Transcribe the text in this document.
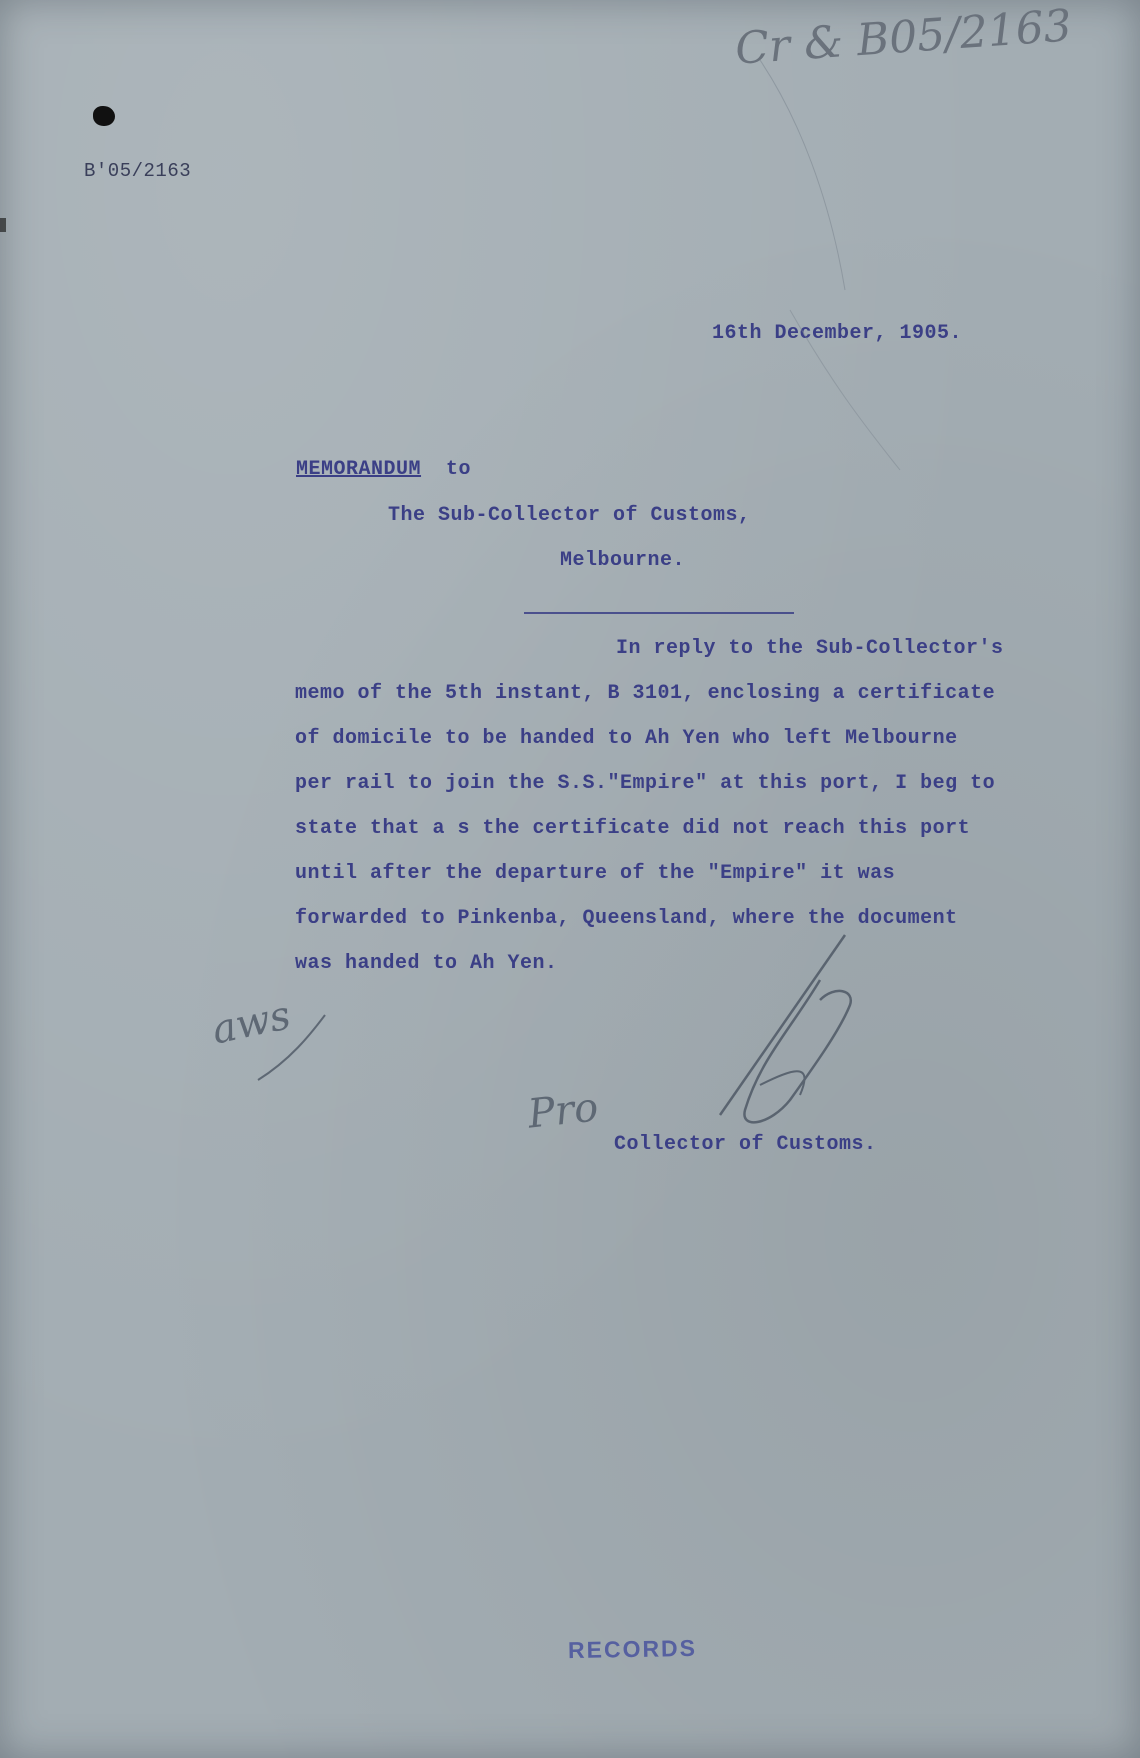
Cr & B05/2163
B'05/2163
16th December, 1905.
MEMORANDUM to
The Sub-Collector of Customs,
Melbourne.
In reply to the Sub-Collector's
memo of the 5th instant, B 3101, enclosing a certificate
of domicile to be handed to Ah Yen who left Melbourne
per rail to join the S.S."Empire" at this port, I beg to
state that a s the certificate did not reach this port
until after the departure of the "Empire" it was
forwarded to Pinkenba, Queensland, where the document
was handed to Ah Yen.
aws
Pro
Collector of Customs.
RECORDS
